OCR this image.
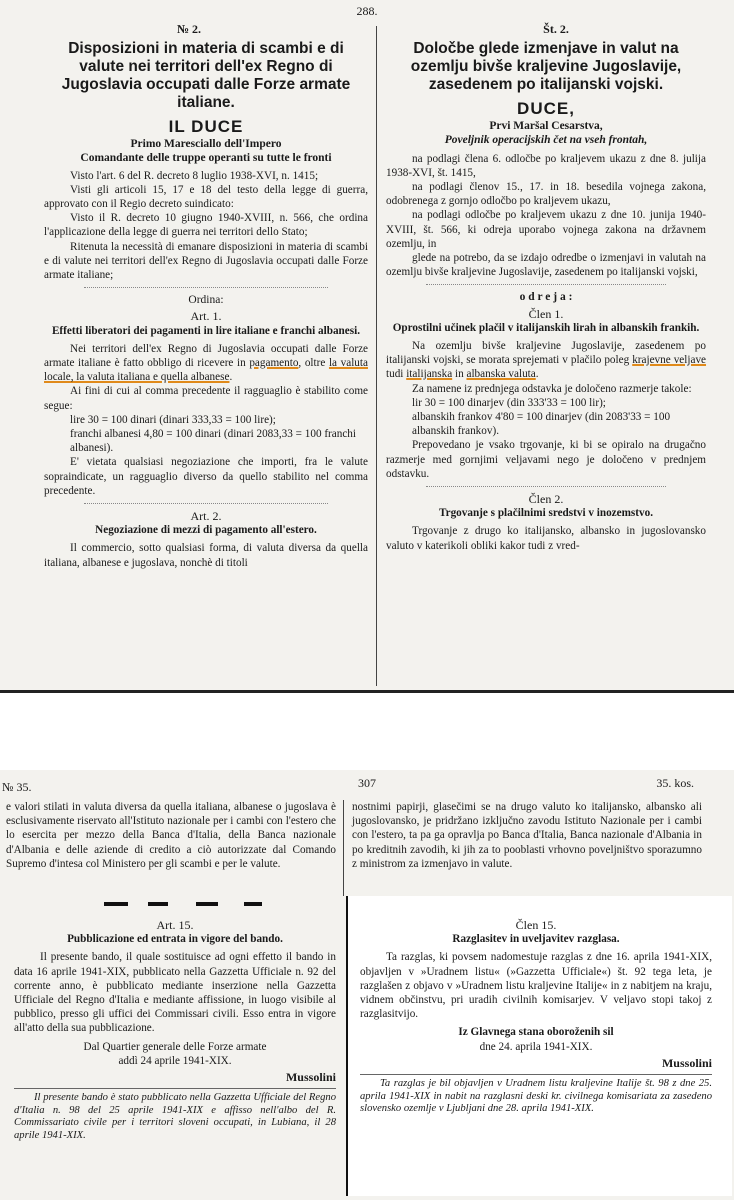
288.
№ 2.	Št. 2.
Disposizioni in materia di scambi e di valute nei territori dell'ex Regno di Jugoslavia occupati dalle Forze armate italiane.
IL DUCE
Primo Maresciallo dell'Impero
Comandante delle truppe operanti su tutte le fronti
Visto l'art. 6 del R. decreto 8 luglio 1938-XVI, n. 1415;
Visti gli articoli 15, 17 e 18 del testo della legge di guerra, approvato con il Regio decreto suindicato:
Visto il R. decreto 10 giugno 1940-XVIII, n. 566, che ordina l'applicazione della legge di guerra nei territori dello Stato;
Ritenuta la necessità di emanare disposizioni in materia di scambi e di valute nei territori dell'ex Regno di Jugoslavia occupati dalle Forze armate italiane;
Ordina:
Art. 1.
Effetti liberatori dei pagamenti in lire italiane e franchi albanesi.
Nei territori dell'ex Regno di Jugoslavia occupati dalle Forze armate italiane è fatto obbligo di ricevere in pagamento, oltre la valuta locale, la valuta italiana e quella albanese.
Ai fini di cui al comma precedente il ragguaglio è stabilito come segue:
lire 30 = 100 dinari (dinari 333,33 = 100 lire);
franchi albanesi 4,80 = 100 dinari (dinari 2083,33 = 100 franchi albanesi).
E' vietata qualsiasi negoziazione che importi, fra le valute sopraindicate, un ragguaglio diverso da quello stabilito nel comma precedente.
Art. 2.
Negoziazione di mezzi di pagamento all'estero.
Il commercio, sotto qualsiasi forma, di valuta diversa da quella italiana, albanese e jugoslava, nonchè di titoli
Določbe glede izmenjave in valut na ozemlju bivše kraljevine Jugoslavije, zasedenem po italijanski vojski.
DUCE,
Prvi Maršal Cesarstva,
Poveljnik operacijskih čet na vseh frontah,
na podlagi člena 6. odločbe po kraljevem ukazu z dne 8. julija 1938-XVI, št. 1415,
na podlagi členov 15., 17. in 18. besedila vojnega zakona, odobrenega z gornjo odločbo po kraljevem ukazu,
na podlagi odločbe po kraljevem ukazu z dne 10. junija 1940-XVIII, št. 566, ki odreja uporabo vojnega zakona na državnem ozemlju, in
glede na potrebo, da se izdajo odredbe o izmenjavi in valutah na ozemlju bivše kraljevine Jugoslavije, zasedenem po italijanski vojski,
o d r e j a :
Člen 1.
Oprostilni učinek plačil v italijanskih lirah in albanskih frankih.
Na ozemlju bivše kraljevine Jugoslavije, zasedenem po italijanski vojski, se morata sprejemati v plačilo poleg krajevne veljave tudi italijanska in albanska valuta.
Za namene iz prednjega odstavka je določeno razmerje takole:
lir 30 = 100 dinarjev (din 333'33 = 100 lir);
albanskih frankov 4'80 = 100 dinarjev (din 2083'33 = 100 albanskih frankov).
Prepovedano je vsako trgovanje, ki bi se opiralo na drugačno razmerje med gornjimi veljavami nego je določeno v prednjem odstavku.
Člen 2.
Trgovanje s plačilnimi sredstvi v inozemstvo.
Trgovanje z drugo ko italijansko, albansko in jugoslovansko valuto v katerikoli obliki kakor tudi z vred-
№ 35.	307	35. kos.
e valori stilati in valuta diversa da quella italiana, albanese o jugoslava è esclusivamente riservato all'Istituto nazionale per i cambi con l'estero che lo esercita per mezzo della Banca d'Italia, della Banca nazionale d'Albania e delle aziende di credito a ciò autorizzate dal Comando Supremo d'intesa col Ministero per gli scambi e per le valute.
nostnimi papirji, glasečimi se na drugo valuto ko italijansko, albansko ali jugoslovansko, je pridržano izključno zavodu Istituto Nazionale per i cambi con l'estero, ta pa ga opravlja po Banca d'Italia, Banca nazionale d'Albania in po kreditnih zavodih, ki jih za to pooblasti vrhovno poveljništvo sporazumno z ministrom za izmenjavo in valute.
Art. 15.
Pubblicazione ed entrata in vigore del bando.
Il presente bando, il quale sostituisce ad ogni effetto il bando in data 16 aprile 1941-XIX, pubblicato nella Gazzetta Ufficiale n. 92 del corrente anno, è pubblicato mediante inserzione nella Gazzetta Ufficiale del Regno d'Italia e mediante affissione, in luogo visibile al pubblico, presso gli uffici dei Commissari civili. Esso entra in vigore all'atto della sua pubblicazione.
Dal Quartier generale delle Forze armate
addì 24 aprile 1941-XIX.
Mussolini
Il presente bando è stato pubblicato nella Gazzetta Ufficiale del Regno d'Italia n. 98 del 25 aprile 1941-XIX e affisso nell'albo del R. Commissariato civile per i territori sloveni occupati, in Lubiana, il 28 aprile 1941-XIX.
Člen 15.
Razglasitev in uveljavitev razglasa.
Ta razglas, ki povsem nadomestuje razglas z dne 16. aprila 1941-XIX, objavljen v »Uradnem listu« (»Gazzetta Ufficiale«) št. 92 tega leta, je razglašen z objavo v »Uradnem listu kraljevine Italije« in z nabitjem na kraju, vidnem občinstvu, pri uradih civilnih komisarjev. V veljavo stopi takoj z razglasitvijo.
Iz Glavnega stana oboroženih sil
dne 24. aprila 1941-XIX.
Mussolini
Ta razglas je bil objavljen v Uradnem listu kraljevine Italije št. 98 z dne 25. aprila 1941-XIX in nabit na razglasni deski kr. civilnega komisariata za zasedeno slovensko ozemlje v Ljubljani dne 28. aprila 1941-XIX.
